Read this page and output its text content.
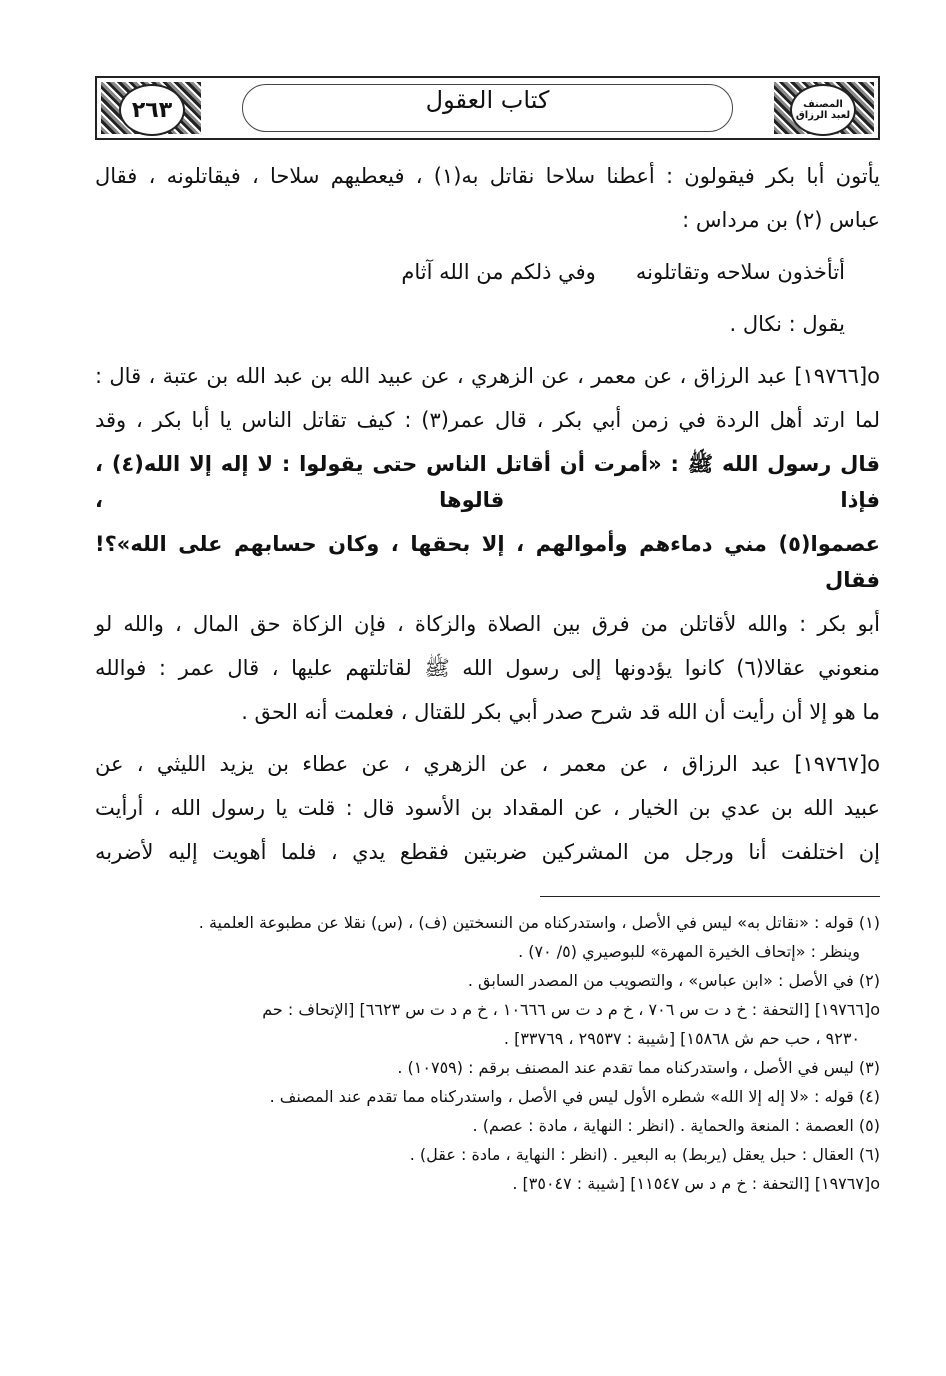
المصنف لعبد الرزاق
٢٦٣	كتاب العقول
يأتون أبا بكر فيقولون : أعطنا سلاحا نقاتل به(١) ، فيعطيهم سلاحا ، فيقاتلونه ، فقال
عباس (٢) بن مرداس :
أتأخذون سلاحه وتقاتلونه      وفي ذلكم من الله آثام
يقول : نكال .
o[١٩٧٦٦] عبد الرزاق ، عن معمر ، عن الزهري ، عن عبيد الله بن عبد الله بن عتبة ، قال :
لما ارتد أهل الردة في زمن أبي بكر ، قال عمر(٣) : كيف تقاتل الناس يا أبا بكر ، وقد
قال رسول الله ﷺ : «أمرت أن أقاتل الناس حتى يقولوا : لا إله إلا الله(٤) ، فإذا قالوها ،
عصموا(٥) مني دماءهم وأموالهم ، إلا بحقها ، وكان حسابهم على الله»؟! فقال
أبو بكر : والله لأقاتلن من فرق بين الصلاة والزكاة ، فإن الزكاة حق المال ، والله لو
منعوني عقالا(٦) كانوا يؤدونها إلى رسول الله ﷺ لقاتلتهم عليها ، قال عمر : فوالله
ما هو إلا أن رأيت أن الله قد شرح صدر أبي بكر للقتال ، فعلمت أنه الحق .
o[١٩٧٦٧] عبد الرزاق ، عن معمر ، عن الزهري ، عن عطاء بن يزيد الليثي ، عن
عبيد الله بن عدي بن الخيار ، عن المقداد بن الأسود قال : قلت يا رسول الله ، أرأيت
إن اختلفت أنا ورجل من المشركين ضربتين فقطع يدي ، فلما أهويت إليه لأضربه
(١) قوله : «نقاتل به» ليس في الأصل ، واستدركناه من النسختين (ف) ، (س) نقلا عن مطبوعة العلمية .
وينظر : «إتحاف الخيرة المهرة» للبوصيري (٥/ ٧٠) .
(٢) في الأصل : «ابن عباس» ، والتصويب من المصدر السابق .
o[١٩٧٦٦] [التحفة : خ د ت س ٧٠٦ ، خ م د ت س ١٠٦٦٦ ، خ م د ت س ٦٦٢٣] [الإتحاف : حم
٩٢٣٠ ، حب حم ش ١٥٨٦٨] [شيبة : ٢٩٥٣٧ ، ٣٣٧٦٩] .
(٣) ليس في الأصل ، واستدركناه مما تقدم عند المصنف برقم : (١٠٧٥٩) .
(٤) قوله : «لا إله إلا الله» شطره الأول ليس في الأصل ، واستدركناه مما تقدم عند المصنف .
(٥) العصمة : المنعة والحماية . (انظر : النهاية ، مادة : عصم) .
(٦) العقال : حبل يعقل (يربط) به البعير . (انظر : النهاية ، مادة : عقل) .
o[١٩٧٦٧] [التحفة : خ م د س ١١٥٤٧] [شيبة : ٣٥٠٤٧] .
